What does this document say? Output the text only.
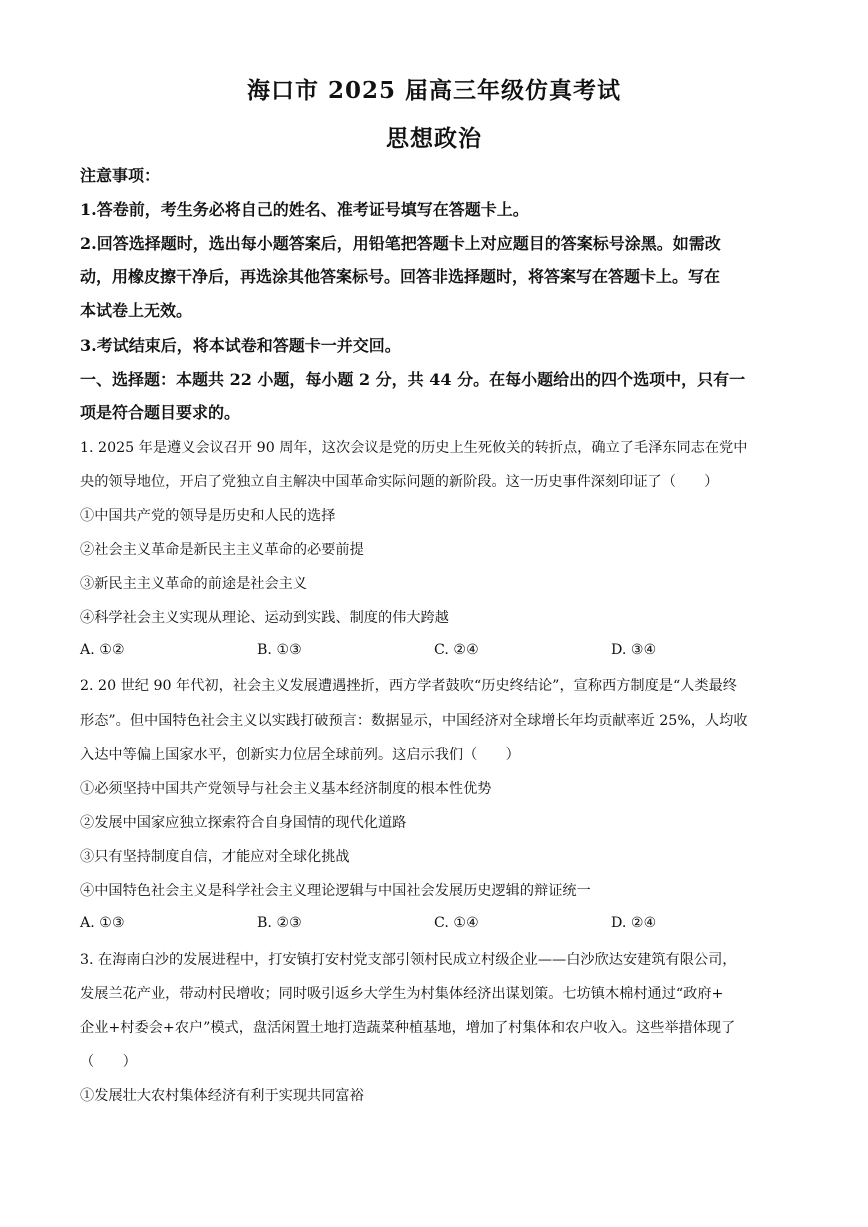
海口市 2025 届高三年级仿真考试
思想政治
注意事项：
1.答卷前，考生务必将自己的姓名、准考证号填写在答题卡上。
2.回答选择题时，选出每小题答案后，用铅笔把答题卡上对应题目的答案标号涂黑。如需改
动，用橡皮擦干净后，再选涂其他答案标号。回答非选择题时，将答案写在答题卡上。写在
本试卷上无效。
3.考试结束后，将本试卷和答题卡一并交回。
一、选择题：本题共 22 小题，每小题 2 分，共 44 分。在每小题给出的四个选项中，只有一
项是符合题目要求的。
1. 2025 年是遵义会议召开 90 周年，这次会议是党的历史上生死攸关的转折点，确立了毛泽东同志在党中
央的领导地位，开启了党独立自主解决中国革命实际问题的新阶段。这一历史事件深刻印证了（　　）
①中国共产党的领导是历史和人民的选择
②社会主义革命是新民主主义革命的必要前提
③新民主主义革命的前途是社会主义
④科学社会主义实现从理论、运动到实践、制度的伟大跨越
A. ①②	B. ①③	C. ②④	D. ③④
2. 20 世纪 90 年代初，社会主义发展遭遇挫折，西方学者鼓吹“历史终结论”，宣称西方制度是“人类最终
形态”。但中国特色社会主义以实践打破预言：数据显示，中国经济对全球增长年均贡献率近 25%，人均收
入达中等偏上国家水平，创新实力位居全球前列。这启示我们（　　）
①必须坚持中国共产党领导与社会主义基本经济制度的根本性优势
②发展中国家应独立探索符合自身国情的现代化道路
③只有坚持制度自信，才能应对全球化挑战
④中国特色社会主义是科学社会主义理论逻辑与中国社会发展历史逻辑的辩证统一
A. ①③	B. ②③	C. ①④	D. ②④
3. 在海南白沙的发展进程中，打安镇打安村党支部引领村民成立村级企业——白沙欣达安建筑有限公司，
发展兰花产业，带动村民增收；同时吸引返乡大学生为村集体经济出谋划策。七坊镇木棉村通过“政府+
企业+村委会+农户”模式，盘活闲置土地打造蔬菜种植基地，增加了村集体和农户收入。这些举措体现了
（　　）
①发展壮大农村集体经济有利于实现共同富裕
